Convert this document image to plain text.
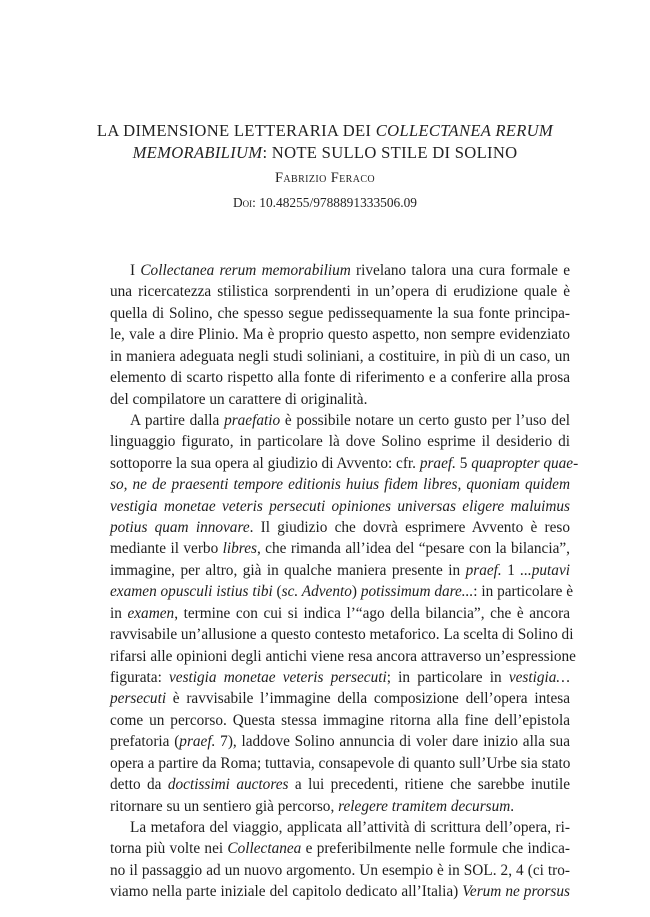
LA DIMENSIONE LETTERARIA DEI COLLECTANEA RERUM
MEMORABILIUM: NOTE SULLO STILE DI SOLINO
Fabrizio Feraco
Doi: 10.48255/9788891333506.09
I Collectanea rerum memorabilium rivelano talora una cura formale e
una ricercatezza stilistica sorprendenti in un’opera di erudizione quale è
quella di Solino, che spesso segue pedissequamente la sua fonte principa-
le, vale a dire Plinio. Ma è proprio questo aspetto, non sempre evidenziato
in maniera adeguata negli studi soliniani, a costituire, in più di un caso, un
elemento di scarto rispetto alla fonte di riferimento e a conferire alla prosa
del compilatore un carattere di originalità.
A partire dalla praefatio è possibile notare un certo gusto per l’uso del
linguaggio figurato, in particolare là dove Solino esprime il desiderio di
sottoporre la sua opera al giudizio di Avvento: cfr. praef. 5 quapropter quae-
so, ne de praesenti tempore editionis huius fidem libres, quoniam quidem
vestigia monetae veteris persecuti opiniones universas eligere maluimus
potius quam innovare. Il giudizio che dovrà esprimere Avvento è reso
mediante il verbo libres, che rimanda all’idea del “pesare con la bilancia”,
immagine, per altro, già in qualche maniera presente in praef. 1 ...putavi
examen opusculi istius tibi (sc. Advento) potissimum dare...: in particolare è
in examen, termine con cui si indica l’“ago della bilancia”, che è ancora
ravvisabile un’allusione a questo contesto metaforico. La scelta di Solino di
rifarsi alle opinioni degli antichi viene resa ancora attraverso un’espressione
figurata: vestigia monetae veteris persecuti; in particolare in vestigia…
persecuti è ravvisabile l’immagine della composizione dell’opera intesa
come un percorso. Questa stessa immagine ritorna alla fine dell’epistola
prefatoria (praef. 7), laddove Solino annuncia di voler dare inizio alla sua
opera a partire da Roma; tuttavia, consapevole di quanto sull’Urbe sia stato
detto da doctissimi auctores a lui precedenti, ritiene che sarebbe inutile
ritornare su un sentiero già percorso, relegere tramitem decursum.
La metafora del viaggio, applicata all’attività di scrittura dell’opera, ri-
torna più volte nei Collectanea e preferibilmente nelle formule che indica-
no il passaggio ad un nuovo argomento. Un esempio è in SOL. 2, 4 (ci tro-
viamo nella parte iniziale del capitolo dedicato all’Italia) Verum ne prorsus
